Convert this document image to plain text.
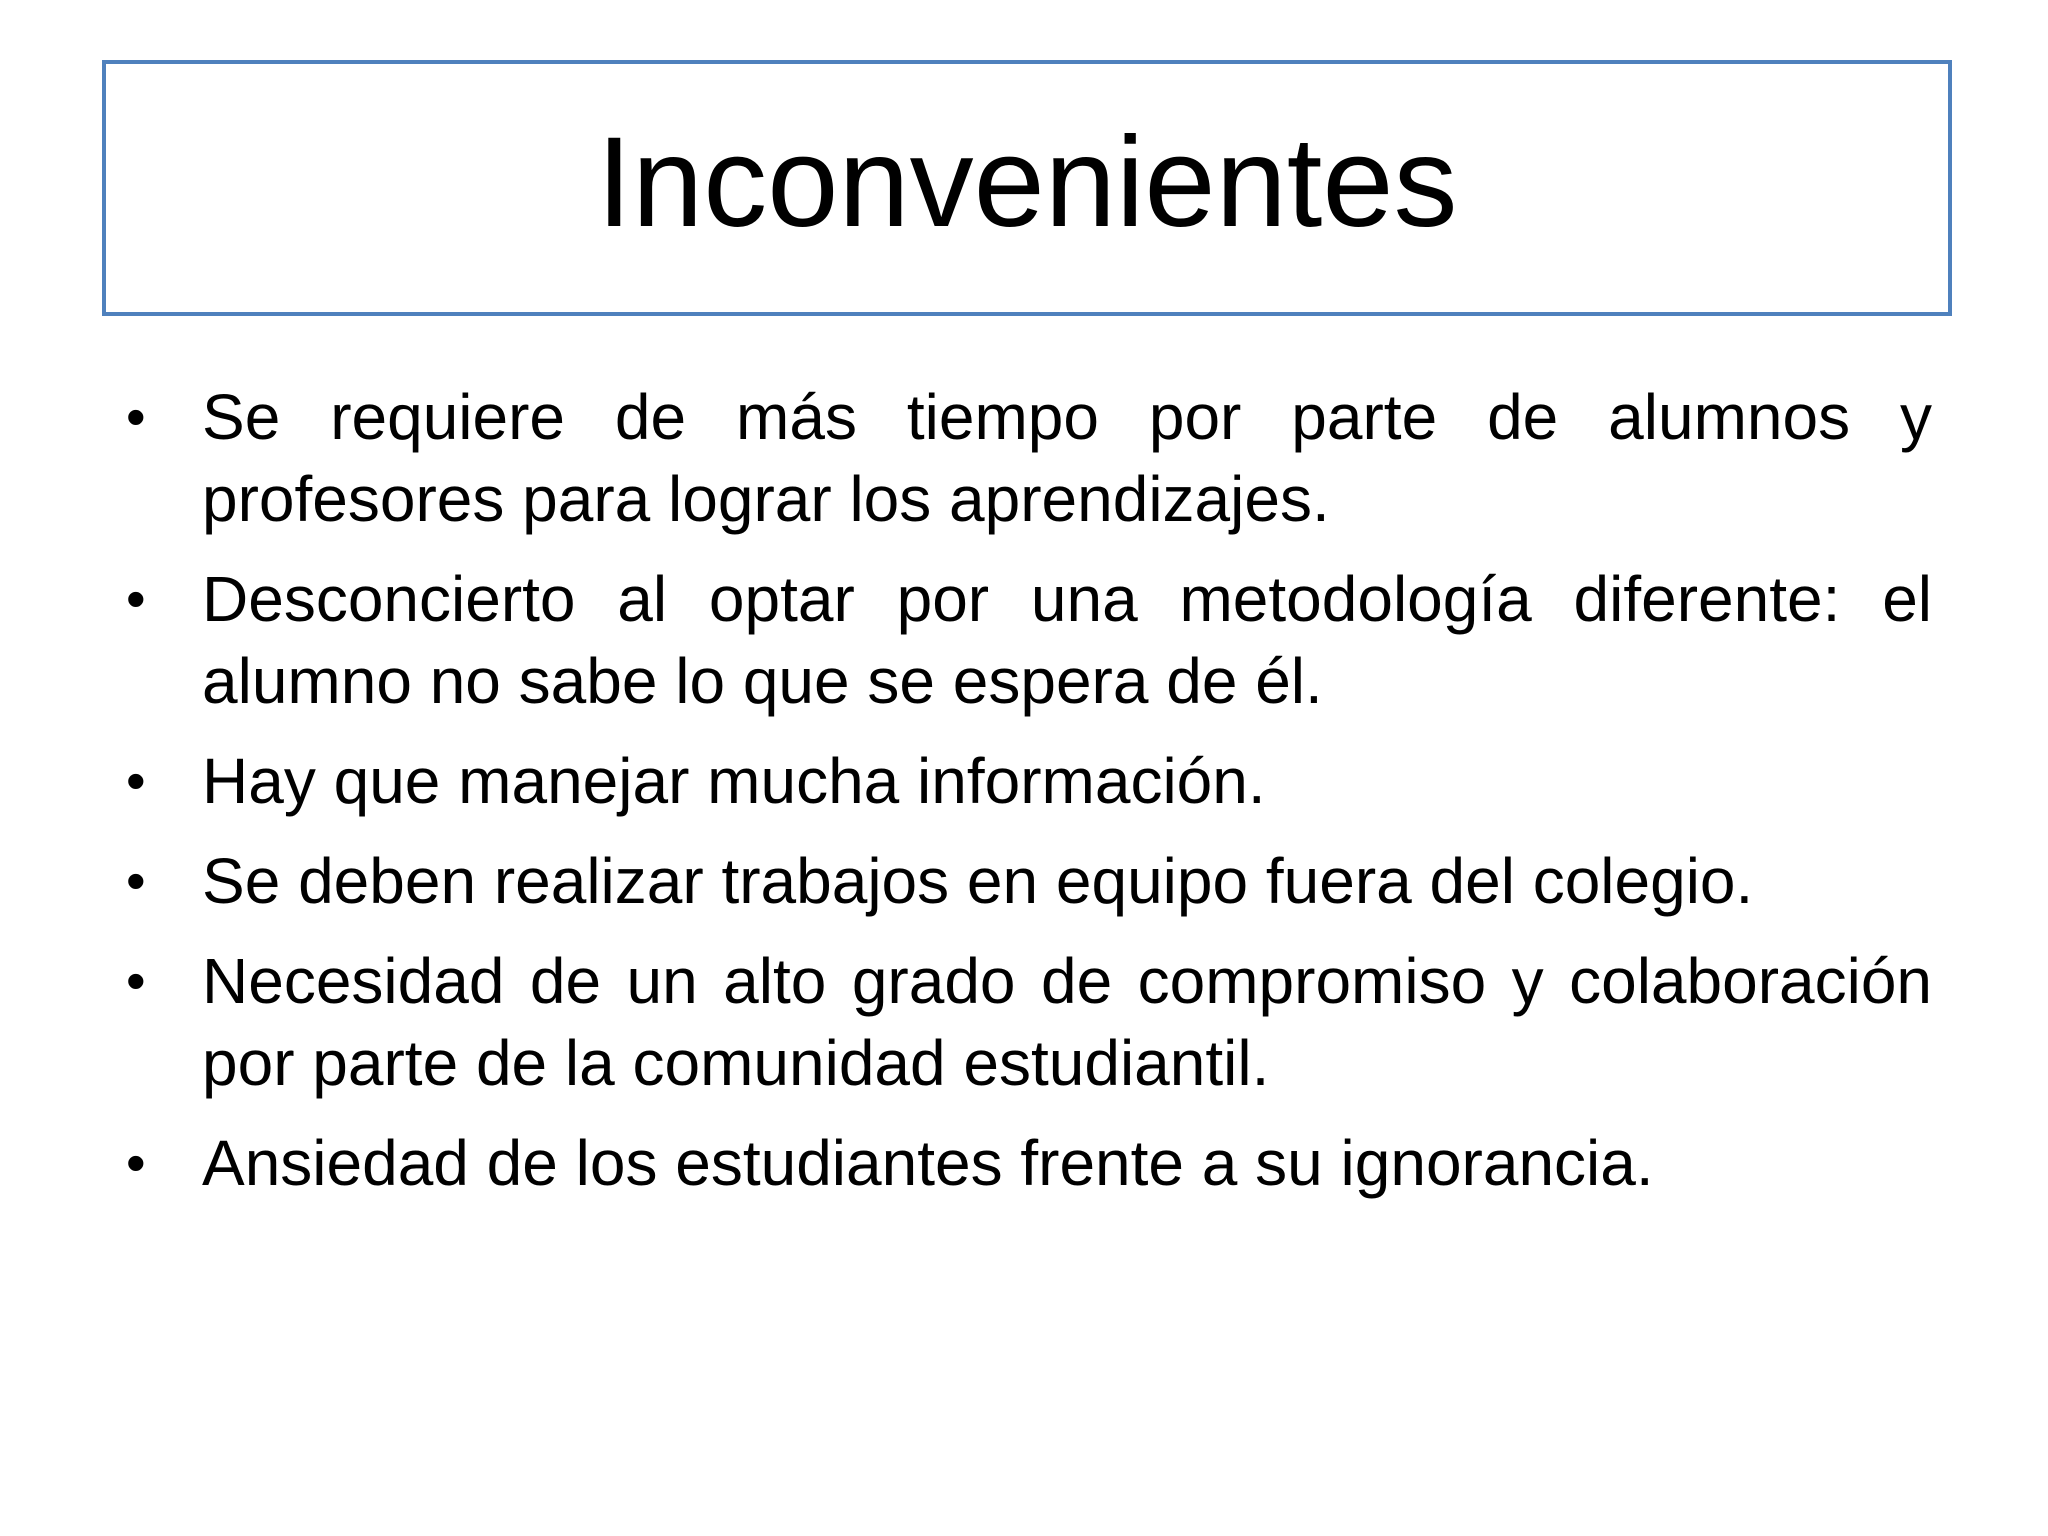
Inconvenientes
• Se requiere de más tiempo por parte de alumnos y profesores para lograr los aprendizajes.
• Desconcierto al optar por una metodología diferente: el alumno no sabe lo que se espera de él.
• Hay que manejar mucha información.
• Se deben realizar trabajos en equipo fuera del colegio.
• Necesidad de un alto grado de compromiso y colaboración por parte de la comunidad estudiantil.
• Ansiedad de los estudiantes frente a su ignorancia.
